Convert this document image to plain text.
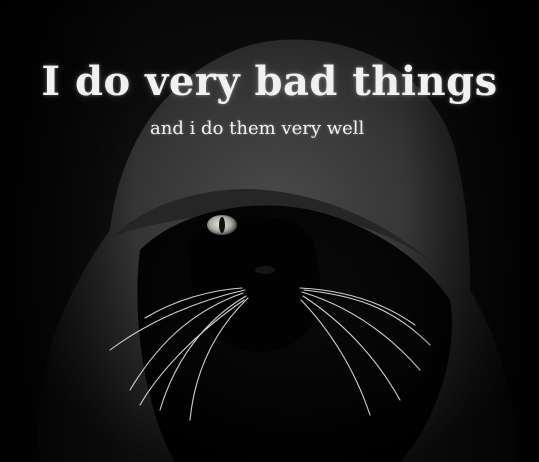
I do very bad things

and i do them very well
